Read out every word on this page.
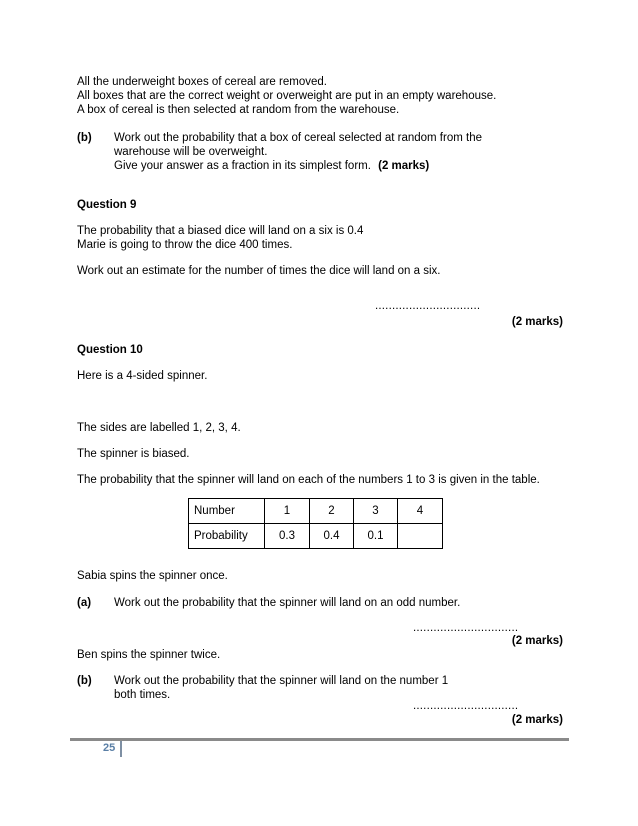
All the underweight boxes of cereal are removed.
All boxes that are the correct weight or overweight are put in an empty warehouse.
A box of cereal is then selected at random from the warehouse.
(b) Work out the probability that a box of cereal selected at random from the
warehouse will be overweight.
Give your answer as a fraction in its simplest form. (2 marks)
Question 9
The probability that a biased dice will land on a six is 0.4
Marie is going to throw the dice 400 times.
Work out an estimate for the number of times the dice will land on a six.
...............................
(2 marks)
Question 10
Here is a 4-sided spinner.
The sides are labelled 1, 2, 3, 4.
The spinner is biased.
The probability that the spinner will land on each of the numbers 1 to 3 is given in the table.
Number	1	2	3	4
Probability	0.3	0.4	0.1	
Sabia spins the spinner once.
(a) Work out the probability that the spinner will land on an odd number.
...............................
(2 marks)
Ben spins the spinner twice.
(b) Work out the probability that the spinner will land on the number 1
both times.
...............................
(2 marks)
25
